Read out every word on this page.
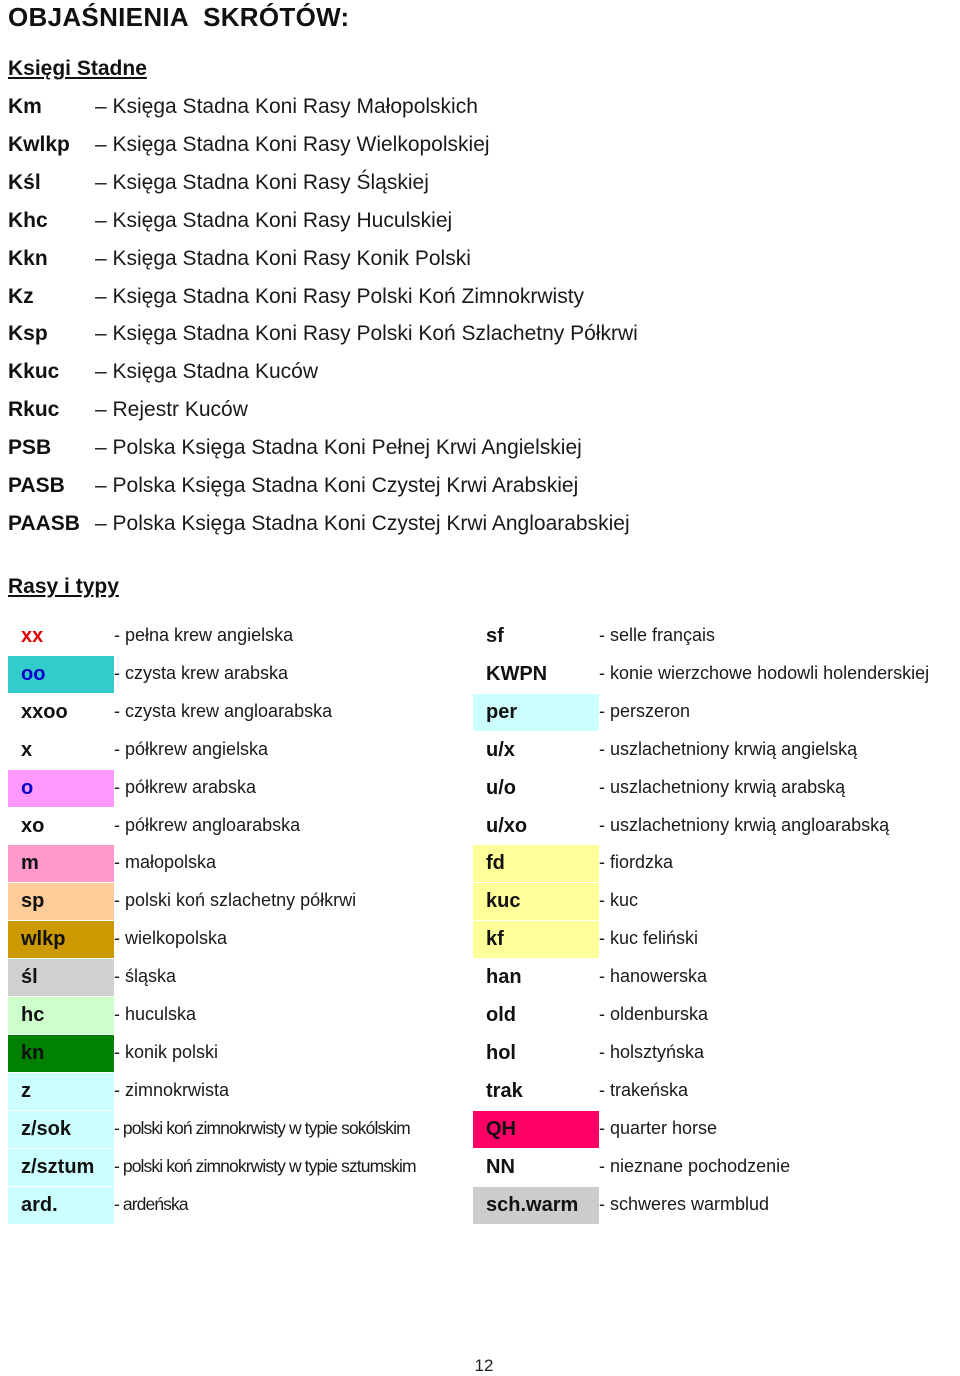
OBJAŚNIENIA  SKRÓTÓW:
Księgi Stadne
Km	– Księga Stadna Koni Rasy Małopolskich
Kwlkp	– Księga Stadna Koni Rasy Wielkopolskiej
Kśl	– Księga Stadna Koni Rasy Śląskiej
Khc	– Księga Stadna Koni Rasy Huculskiej
Kkn	– Księga Stadna Koni Rasy Konik Polski
Kz	– Księga Stadna Koni Rasy Polski Koń Zimnokrwisty
Ksp	– Księga Stadna Koni Rasy Polski Koń Szlachetny Półkrwi
Kkuc	– Księga Stadna Kuców
Rkuc	– Rejestr Kuców
PSB	– Polska Księga Stadna Koni Pełnej Krwi Angielskiej
PASB	– Polska Księga Stadna Koni Czystej Krwi Arabskiej
PAASB – Polska Księga Stadna Koni Czystej Krwi Angloarabskiej
Rasy i typy
xx	- pełna krew angielska
oo	- czysta krew arabska
xxoo	- czysta krew angloarabska
x	- półkrew angielska
o	- półkrew arabska
xo	- półkrew angloarabska
m	- małopolska
sp	- polski koń szlachetny półkrwi
wlkp	- wielkopolska
śl	- śląska
hc	- huculska
kn	- konik polski
z	- zimnokrwista
z/sok	- polski koń zimnokrwisty w typie sokólskim
z/sztum	- polski koń zimnokrwisty w typie sztumskim
ard.	- ardeńska
sf	- selle français
KWPN	- konie wierzchowe hodowli holenderskiej
per	- perszeron
u/x	- uszlachetniony krwią angielską
u/o	- uszlachetniony krwią arabską
u/xo	- uszlachetniony krwią angloarabską
fd	- fiordzka
kuc	- kuc
kf	- kuc feliński
han	- hanowerska
old	- oldenburska
hol	- holsztyńska
trak	- trakeńska
QH	- quarter horse
NN	- nieznane pochodzenie
sch.warm	- schweres warmblud
12
